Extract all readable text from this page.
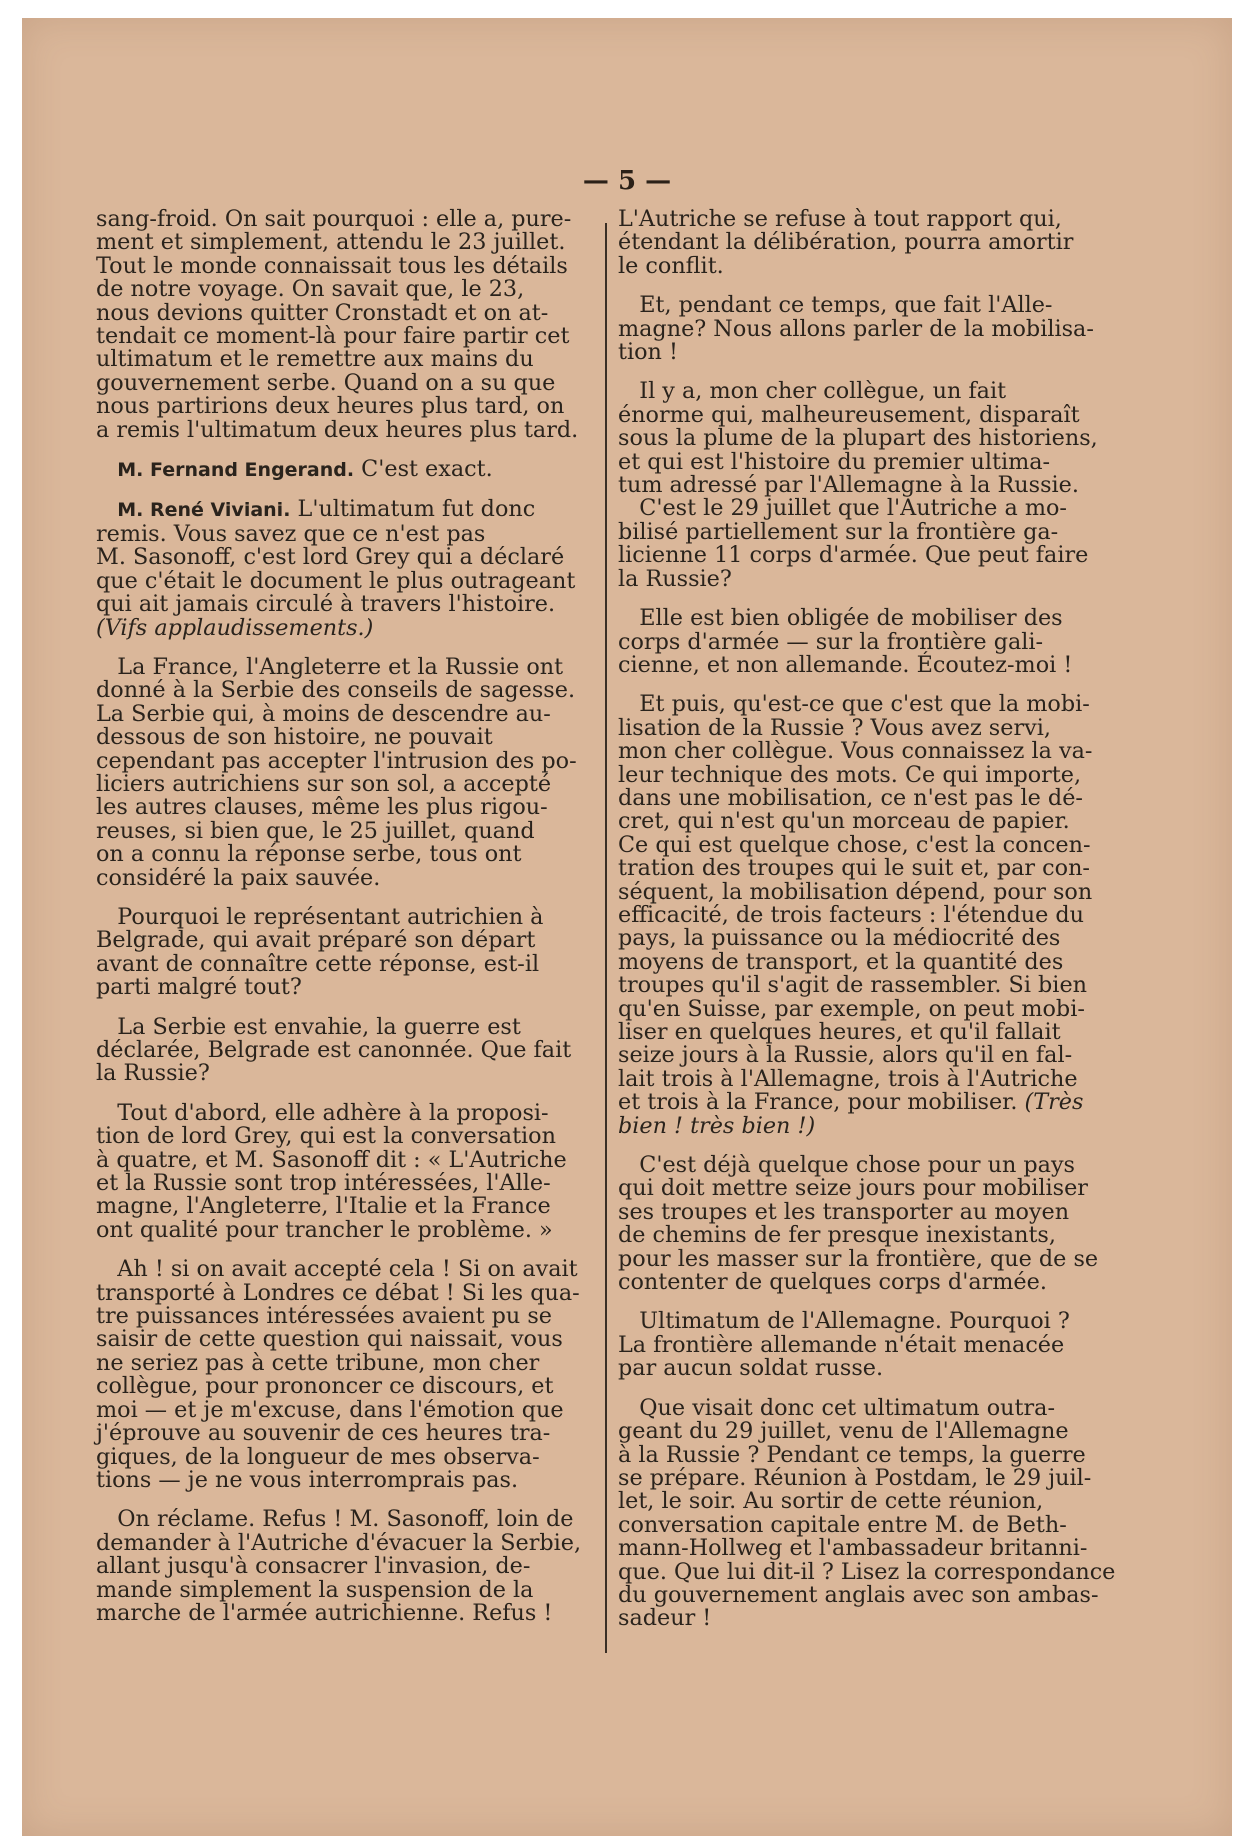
— 5 —
sang-froid. On sait pourquoi : elle a, pure-
ment et simplement, attendu le 23 juillet.
Tout le monde connaissait tous les détails
de notre voyage. On savait que, le 23,
nous devions quitter Cronstadt et on at-
tendait ce moment-là pour faire partir cet
ultimatum et le remettre aux mains du
gouvernement serbe. Quand on a su que
nous partirions deux heures plus tard, on
a remis l'ultimatum deux heures plus tard.
M. Fernand Engerand. C'est exact.
M. René Viviani. L'ultimatum fut donc
remis. Vous savez que ce n'est pas
M. Sasonoff, c'est lord Grey qui a déclaré
que c'était le document le plus outrageant
qui ait jamais circulé à travers l'histoire.
(Vifs applaudissements.)
La France, l'Angleterre et la Russie ont
donné à la Serbie des conseils de sagesse.
La Serbie qui, à moins de descendre au-
dessous de son histoire, ne pouvait
cependant pas accepter l'intrusion des po-
liciers autrichiens sur son sol, a accepté
les autres clauses, même les plus rigou-
reuses, si bien que, le 25 juillet, quand
on a connu la réponse serbe, tous ont
considéré la paix sauvée.
Pourquoi le représentant autrichien à
Belgrade, qui avait préparé son départ
avant de connaître cette réponse, est-il
parti malgré tout?
La Serbie est envahie, la guerre est
déclarée, Belgrade est canonnée. Que fait
la Russie?
Tout d'abord, elle adhère à la proposi-
tion de lord Grey, qui est la conversation
à quatre, et M. Sasonoff dit : « L'Autriche
et la Russie sont trop intéressées, l'Alle-
magne, l'Angleterre, l'Italie et la France
ont qualité pour trancher le problème. »
Ah ! si on avait accepté cela ! Si on avait
transporté à Londres ce débat ! Si les qua-
tre puissances intéressées avaient pu se
saisir de cette question qui naissait, vous
ne seriez pas à cette tribune, mon cher
collègue, pour prononcer ce discours, et
moi — et je m'excuse, dans l'émotion que
j'éprouve au souvenir de ces heures tra-
giques, de la longueur de mes observa-
tions — je ne vous interromprais pas.
On réclame. Refus ! M. Sasonoff, loin de
demander à l'Autriche d'évacuer la Serbie,
allant jusqu'à consacrer l'invasion, de-
mande simplement la suspension de la
marche de l'armée autrichienne. Refus !
L'Autriche se refuse à tout rapport qui,
étendant la délibération, pourra amortir
le conflit.
Et, pendant ce temps, que fait l'Alle-
magne? Nous allons parler de la mobilisa-
tion !
Il y a, mon cher collègue, un fait
énorme qui, malheureusement, disparaît
sous la plume de la plupart des historiens,
et qui est l'histoire du premier ultima-
tum adressé par l'Allemagne à la Russie.
C'est le 29 juillet que l'Autriche a mo-
bilisé partiellement sur la frontière ga-
licienne 11 corps d'armée. Que peut faire
la Russie?
Elle est bien obligée de mobiliser des
corps d'armée — sur la frontière gali-
cienne, et non allemande. Écoutez-moi !
Et puis, qu'est-ce que c'est que la mobi-
lisation de la Russie ? Vous avez servi,
mon cher collègue. Vous connaissez la va-
leur technique des mots. Ce qui importe,
dans une mobilisation, ce n'est pas le dé-
cret, qui n'est qu'un morceau de papier.
Ce qui est quelque chose, c'est la concen-
tration des troupes qui le suit et, par con-
séquent, la mobilisation dépend, pour son
efficacité, de trois facteurs : l'étendue du
pays, la puissance ou la médiocrité des
moyens de transport, et la quantité des
troupes qu'il s'agit de rassembler. Si bien
qu'en Suisse, par exemple, on peut mobi-
liser en quelques heures, et qu'il fallait
seize jours à la Russie, alors qu'il en fal-
lait trois à l'Allemagne, trois à l'Autriche
et trois à la France, pour mobiliser. (Très
bien ! très bien !)
C'est déjà quelque chose pour un pays
qui doit mettre seize jours pour mobiliser
ses troupes et les transporter au moyen
de chemins de fer presque inexistants,
pour les masser sur la frontière, que de se
contenter de quelques corps d'armée.
Ultimatum de l'Allemagne. Pourquoi ?
La frontière allemande n'était menacée
par aucun soldat russe.
Que visait donc cet ultimatum outra-
geant du 29 juillet, venu de l'Allemagne
à la Russie ? Pendant ce temps, la guerre
se prépare. Réunion à Postdam, le 29 juil-
let, le soir. Au sortir de cette réunion,
conversation capitale entre M. de Beth-
mann-Hollweg et l'ambassadeur britanni-
que. Que lui dit-il ? Lisez la correspondance
du gouvernement anglais avec son ambas-
sadeur !
